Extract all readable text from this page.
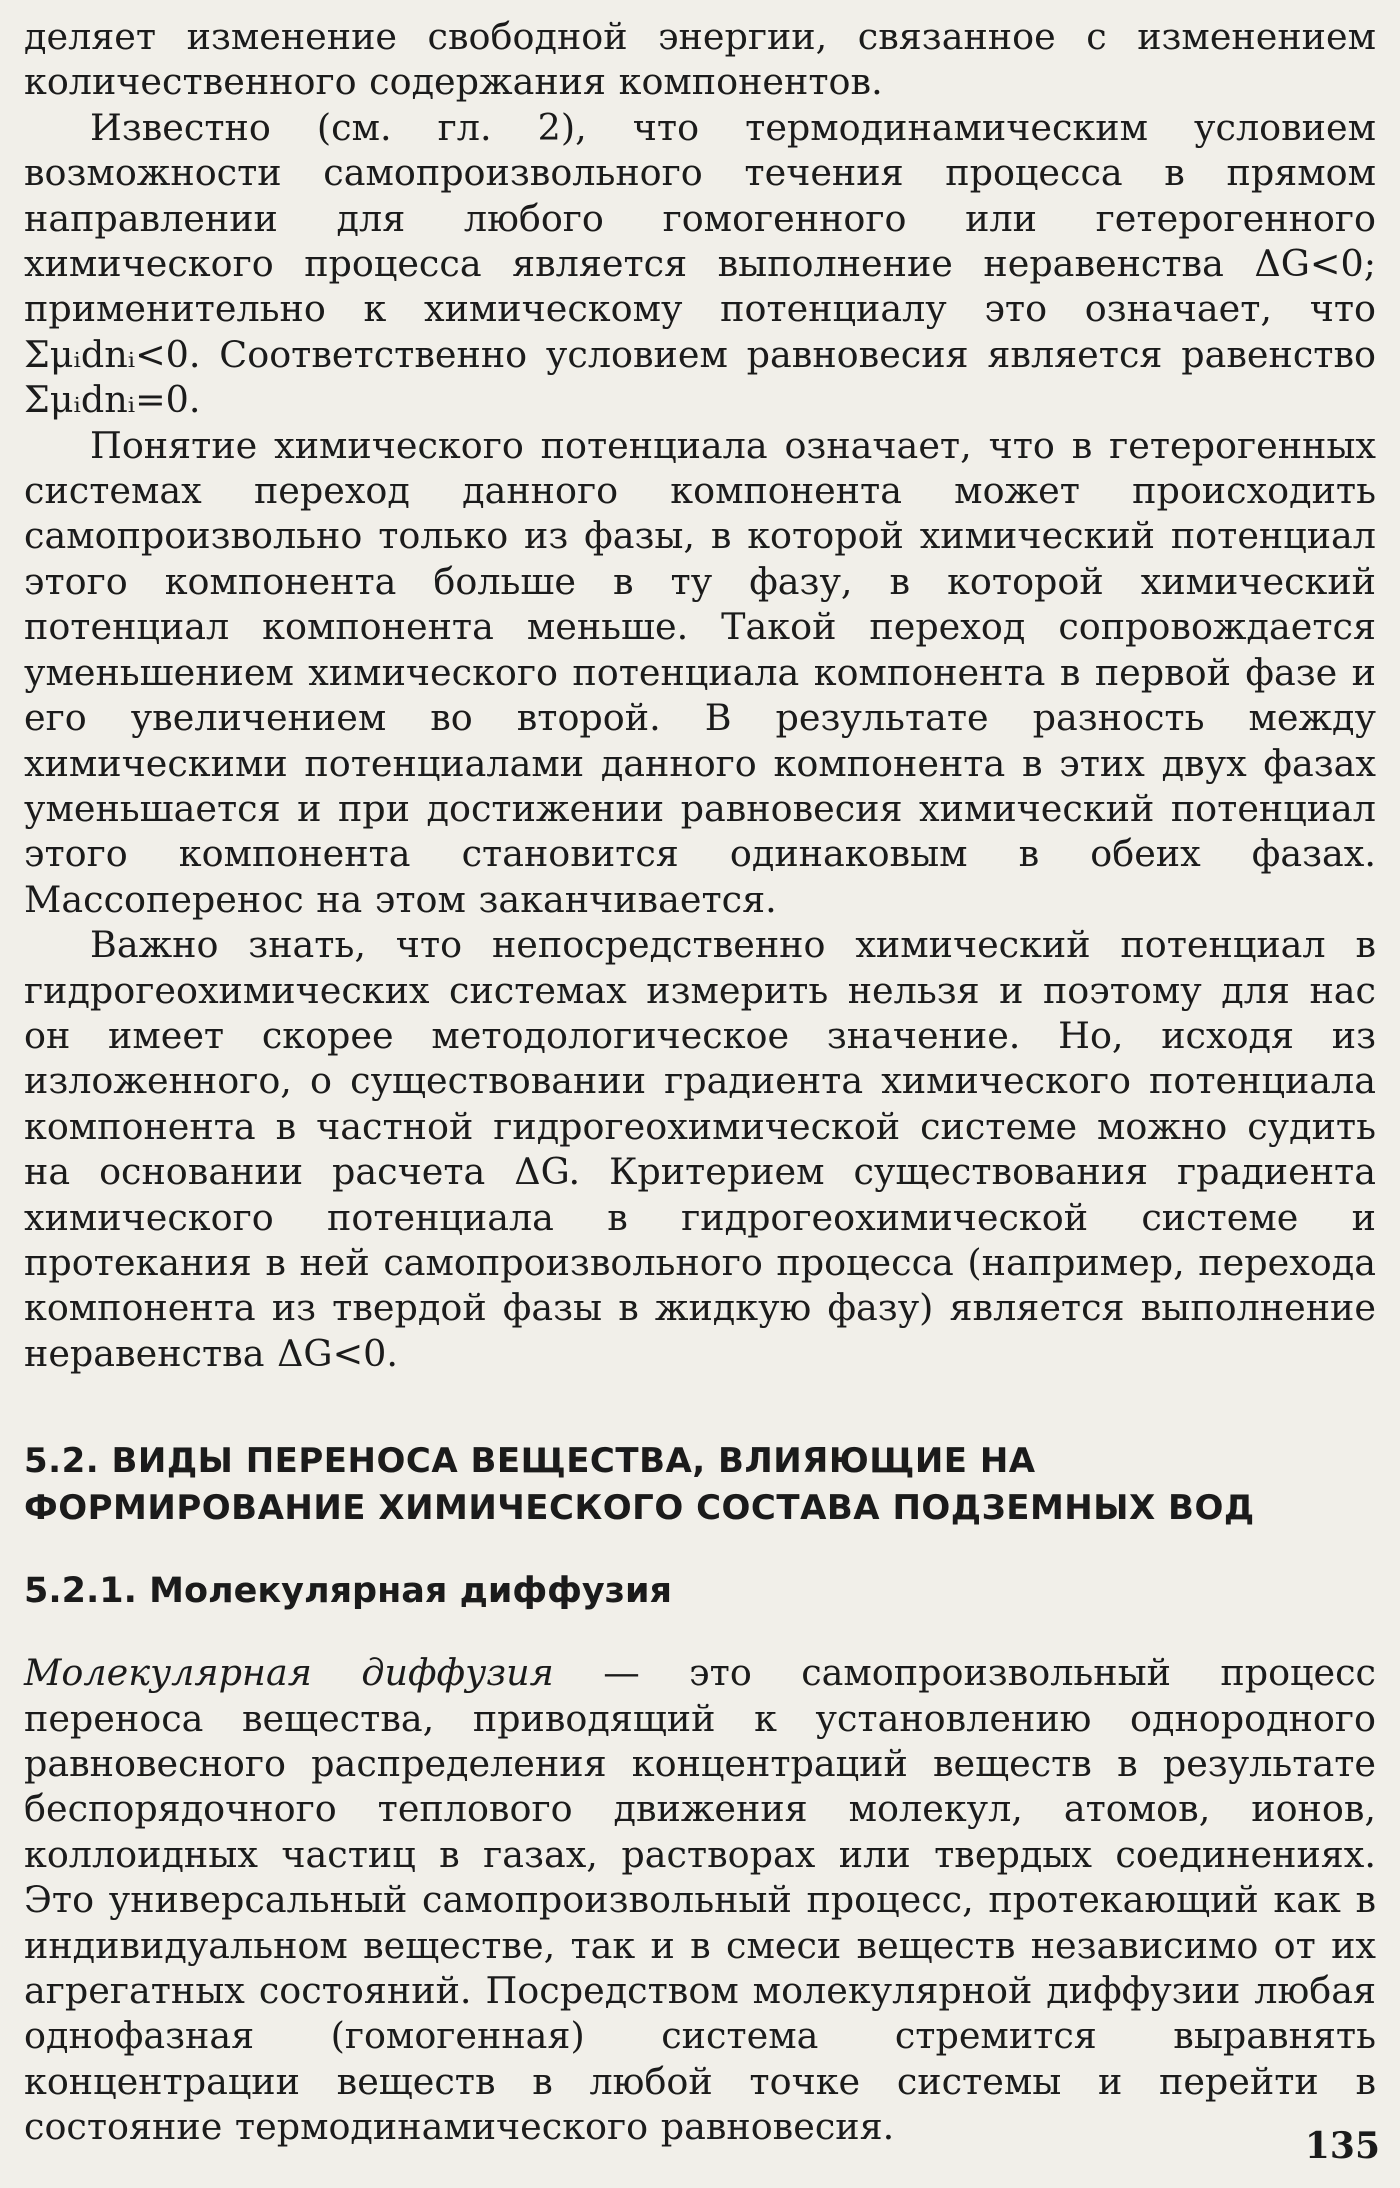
деляет изменение свободной энергии, связанное с изменением количественного содержания компонентов.

Известно (см. гл. 2), что термодинамическим условием возможности самопроизвольного течения процесса в прямом направлении для любого гомогенного или гетерогенного химического процесса является выполнение неравенства ΔG<0; применительно к химическому потенциалу это означает, что Σμᵢdnᵢ<0. Соответственно условием равновесия является равенство Σμᵢdnᵢ=0.

Понятие химического потенциала означает, что в гетерогенных системах переход данного компонента может происходить самопроизвольно только из фазы, в которой химический потенциал этого компонента больше в ту фазу, в которой химический потенциал компонента меньше. Такой переход сопровождается уменьшением химического потенциала компонента в первой фазе и его увеличением во второй. В результате разность между химическими потенциалами данного компонента в этих двух фазах уменьшается и при достижении равновесия химический потенциал этого компонента становится одинаковым в обеих фазах. Массоперенос на этом заканчивается.

Важно знать, что непосредственно химический потенциал в гидрогеохимических системах измерить нельзя и поэтому для нас он имеет скорее методологическое значение. Но, исходя из изложенного, о существовании градиента химического потенциала компонента в частной гидрогеохимической системе можно судить на основании расчета ΔG. Критерием существования градиента химического потенциала в гидрогеохимической системе и протекания в ней самопроизвольного процесса (например, перехода компонента из твердой фазы в жидкую фазу) является выполнение неравенства ΔG<0.

5.2. ВИДЫ ПЕРЕНОСА ВЕЩЕСТВА, ВЛИЯЮЩИЕ НА ФОРМИРОВАНИЕ ХИМИЧЕСКОГО СОСТАВА ПОДЗЕМНЫХ ВОД
5.2.1. Молекулярная диффузия

Молекулярная диффузия — это самопроизвольный процесс переноса вещества, приводящий к установлению однородного равновесного распределения концентраций веществ в результате беспорядочного теплового движения молекул, атомов, ионов, коллоидных частиц в газах, растворах или твердых соединениях. Это универсальный самопроизвольный процесс, протекающий как в индивидуальном веществе, так и в смеси веществ независимо от их агрегатных состояний. Посредством молекулярной диффузии любая однофазная (гомогенная) система стремится выравнять концентрации веществ в любой точке системы и перейти в состояние термодинамического равновесия.	135
